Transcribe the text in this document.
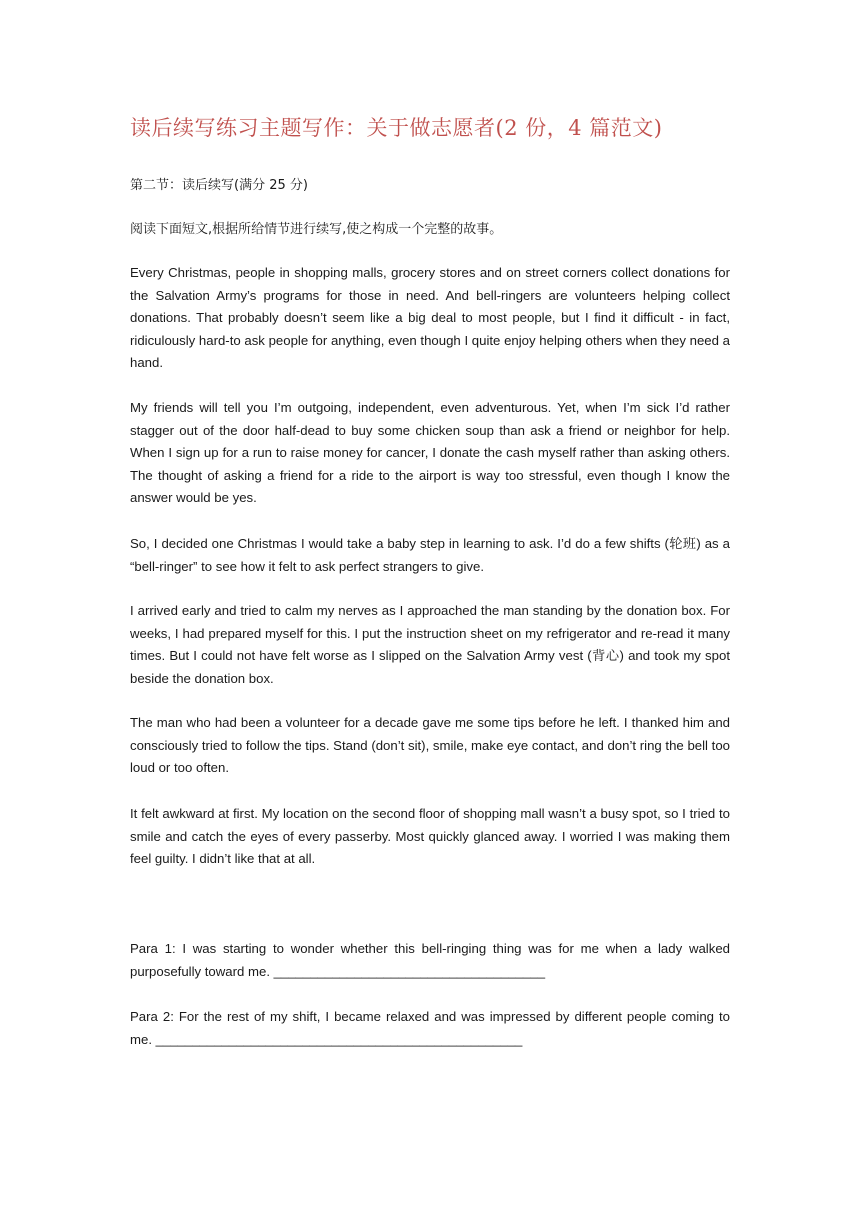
读后续写练习主题写作：关于做志愿者(2 份，4 篇范文)
第二节：读后续写(满分 25 分)
阅读下面短文,根据所给情节进行续写,使之构成一个完整的故事。

Every Christmas, people in shopping malls, grocery stores and on street corners collect donations for the Salvation Army’s programs for those in need. And bell-ringers are volunteers helping collect donations. That probably doesn’t seem like a big deal to most people, but I find it difficult - in fact, ridiculously hard-to ask people for anything, even though I quite enjoy helping others when they need a hand.

My friends will tell you I’m outgoing, independent, even adventurous. Yet, when I’m sick I’d rather stagger out of the door half-dead to buy some chicken soup than ask a friend or neighbor for help. When I sign up for a run to raise money for cancer, I donate the cash myself rather than asking others. The thought of asking a friend for a ride to the airport is way too stressful, even though I know the answer would be yes.

So, I decided one Christmas I would take a baby step in learning to ask. I’d do a few shifts (轮班) as a “bell-ringer” to see how it felt to ask perfect strangers to give.

I arrived early and tried to calm my nerves as I approached the man standing by the donation box. For weeks, I had prepared myself for this. I put the instruction sheet on my refrigerator and re-read it many times. But I could not have felt worse as I slipped on the Salvation Army vest (背心) and took my spot beside the donation box.

The man who had been a volunteer for a decade gave me some tips before he left. I thanked him and consciously tried to follow the tips. Stand (don’t sit), smile, make eye contact, and don’t ring the bell too loud or too often.

It felt awkward at first. My location on the second floor of shopping mall wasn’t a busy spot, so I tried to smile and catch the eyes of every passerby. Most quickly glanced away. I worried I was making them feel guilty. I didn’t like that at all.

Para 1: I was starting to wonder whether this bell-ringing thing was for me when a lady walked purposefully toward me. _____________________________________

Para 2: For the rest of my shift, I became relaxed and was impressed by different people coming to me. __________________________________________________
